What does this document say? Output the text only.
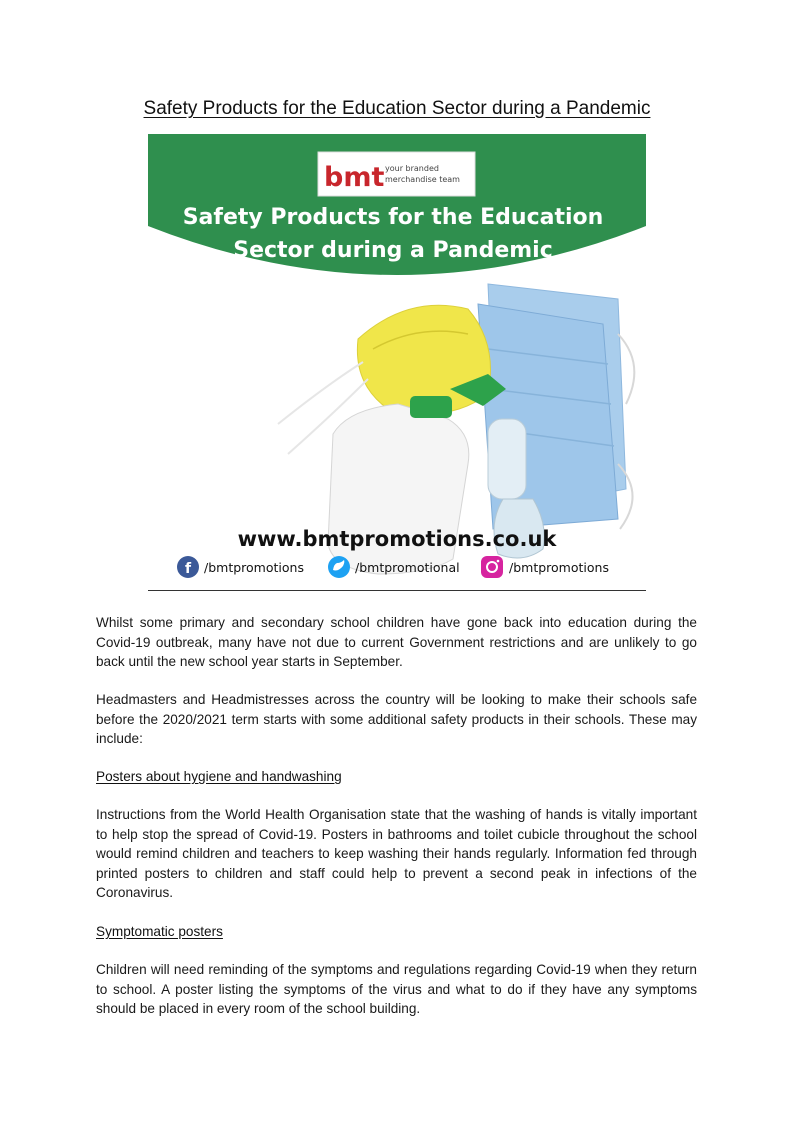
Safety Products for the Education Sector during a Pandemic
bmt your branded
merchandise team
Safety Products for the Education
Sector during a Pandemic
www.bmtpromotions.co.uk
f /bmtpromotions	/bmtpromotional	/bmtpromotions

Whilst some primary and secondary school children have gone back into education during the Covid-19 outbreak, many have not due to current Government restrictions and are unlikely to go back until the new school year starts in September.

Headmasters and Headmistresses across the country will be looking to make their schools safe before the 2020/2021 term starts with some additional safety products in their schools. These may include:

Posters about hygiene and handwashing

Instructions from the World Health Organisation state that the washing of hands is vitally important to help stop the spread of Covid-19. Posters in bathrooms and toilet cubicle throughout the school would remind children and teachers to keep washing their hands regularly. Information fed through printed posters to children and staff could help to prevent a second peak in infections of the Coronavirus.

Symptomatic posters

Children will need reminding of the symptoms and regulations regarding Covid-19 when they return to school. A poster listing the symptoms of the virus and what to do if they have any symptoms should be placed in every room of the school building.
